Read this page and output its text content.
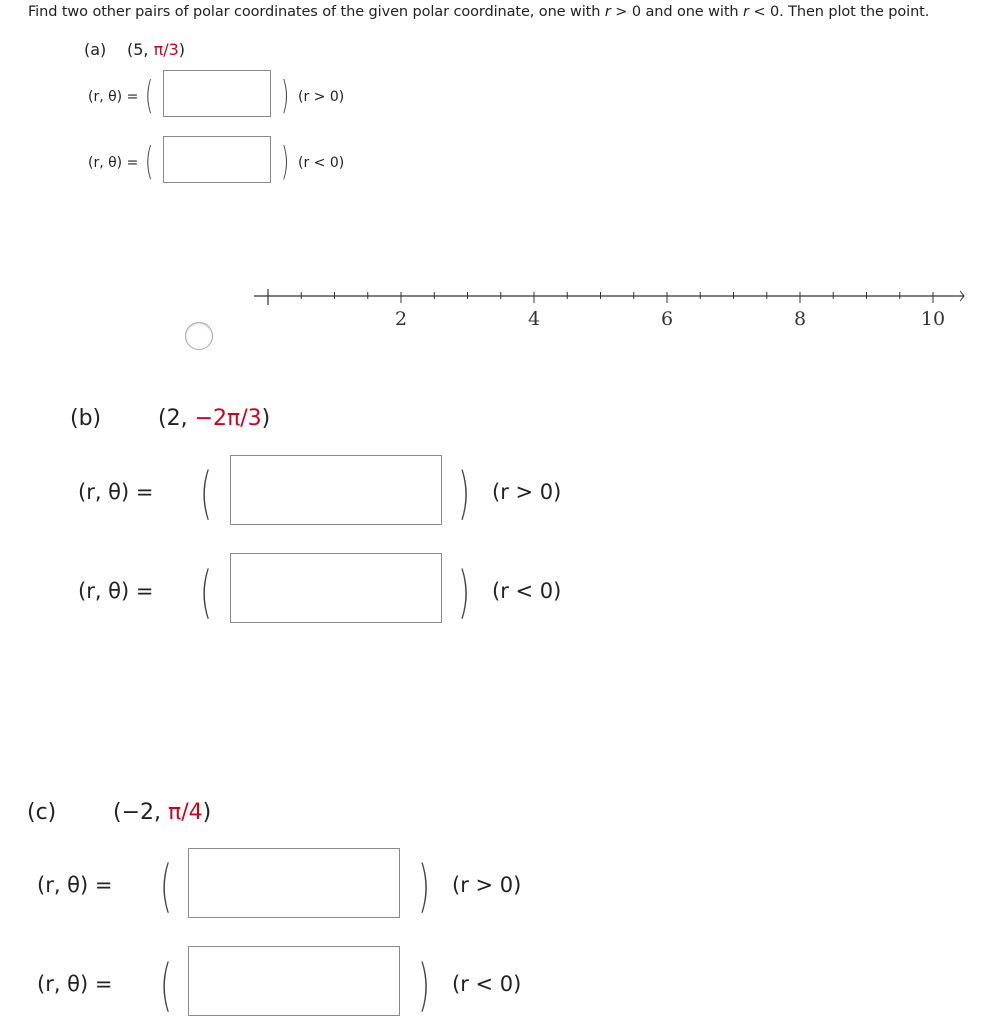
Find two other pairs of polar coordinates of the given polar coordinate, one with r > 0 and one with r < 0. Then plot the point.
(a) (5, π/3)
(r, θ) = (	) (r > 0)
(r, θ) = (	) (r < 0)
2	4	6	8	10
(b)	(2, −2π/3)
(r, θ) = (	) (r > 0)
(r, θ) = (	) (r < 0)
(c)	(−2, π/4)
(r, θ) = (	) (r > 0)
(r, θ) = (	) (r < 0)
